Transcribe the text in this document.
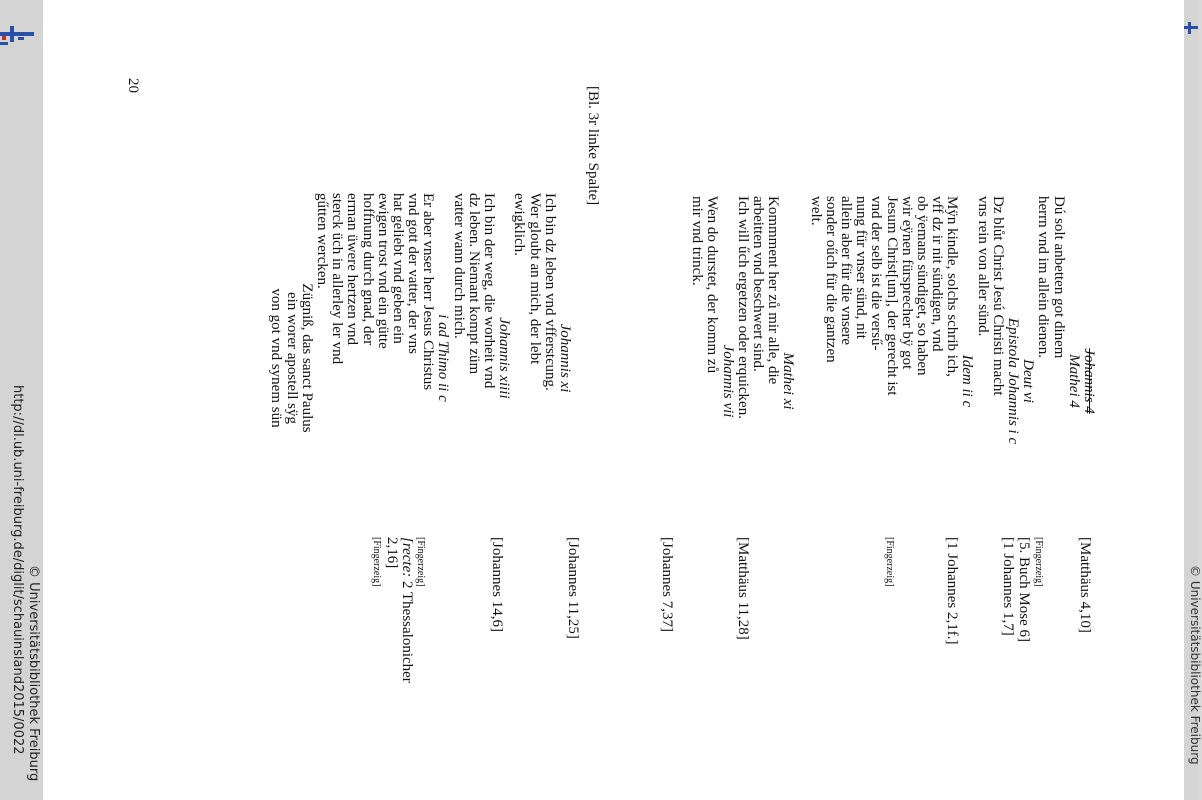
http://dl.ub.uni-freiburg.de/diglit/schauinsland2015/0022 © Universitätsbibliothek Freiburg
20
[Bl. 3r linke Spalte]
Johannis 4
Mathei 4
Dú solt anbetten got dinem
herrn vnd im allein dienen.
Deut vi
Epistola Johannis i c
Dz blůt Christ Jesú Christi macht
vns rein von aller sünd.
Idem ii c
Mÿn kindle, solchs schrib ich,
vff dz ir nit sündigen, vnd
ob ÿemans sündiget, so haben
wir eÿnen fürsprecher bÿ got
Jesum Christ[um], der gerecht ist
vnd der selb ist die versű-
nung für vnser sünd, nit
allein aber für die vnsere
sonder oűch für die gantzen
welt.
Mathei xi
Kommment her zů mir alle, die
arbeitten vnd beschwert sind.
Ich will űch ergetzen oder erquicken.
Johannis vii
Wen do durstet, der komm zů
mir vnd trinck.
Johannis xi
Ich bin dz leben vnd vfferstєung.
Wer gloubt an mich, der lebt
ewigklich.
Johannis xiiii
Ich bin der weg, die worheit vnd
dz leben. Niemant kompt züm
vatter wann durch mich.
i ad Thimo ii c
Er aber vnser herr Jesus Christus
vnd gott der vatter, der vns
hat geliebt vnd geben ein
ewigen trost vnd ein gütte
hoffnung durch gnad, der
erman üwere hertzen vnd
sterck üch in allerley ler vnd
gűtten wercken.
Zügniß, das sanct Paulus
ein worer apostell sÿg
von got vnd synem sün
[Matthäus 4,10]
[Fingerzeig]
[5. Buch Mose 6]
[1 Johannes 1,7]
[1 Johannes 2,1f.]
[Fingerzeig]
[Matthäus 11,28]
[Johannes 7,37]
[Johannes 11,25]
[Johannes 14,6]
[Fingerzeig]
[recte: 2 Thessalonicher
2,16]
[Fingerzeig]
© Universitätsbibliothek Freiburg
